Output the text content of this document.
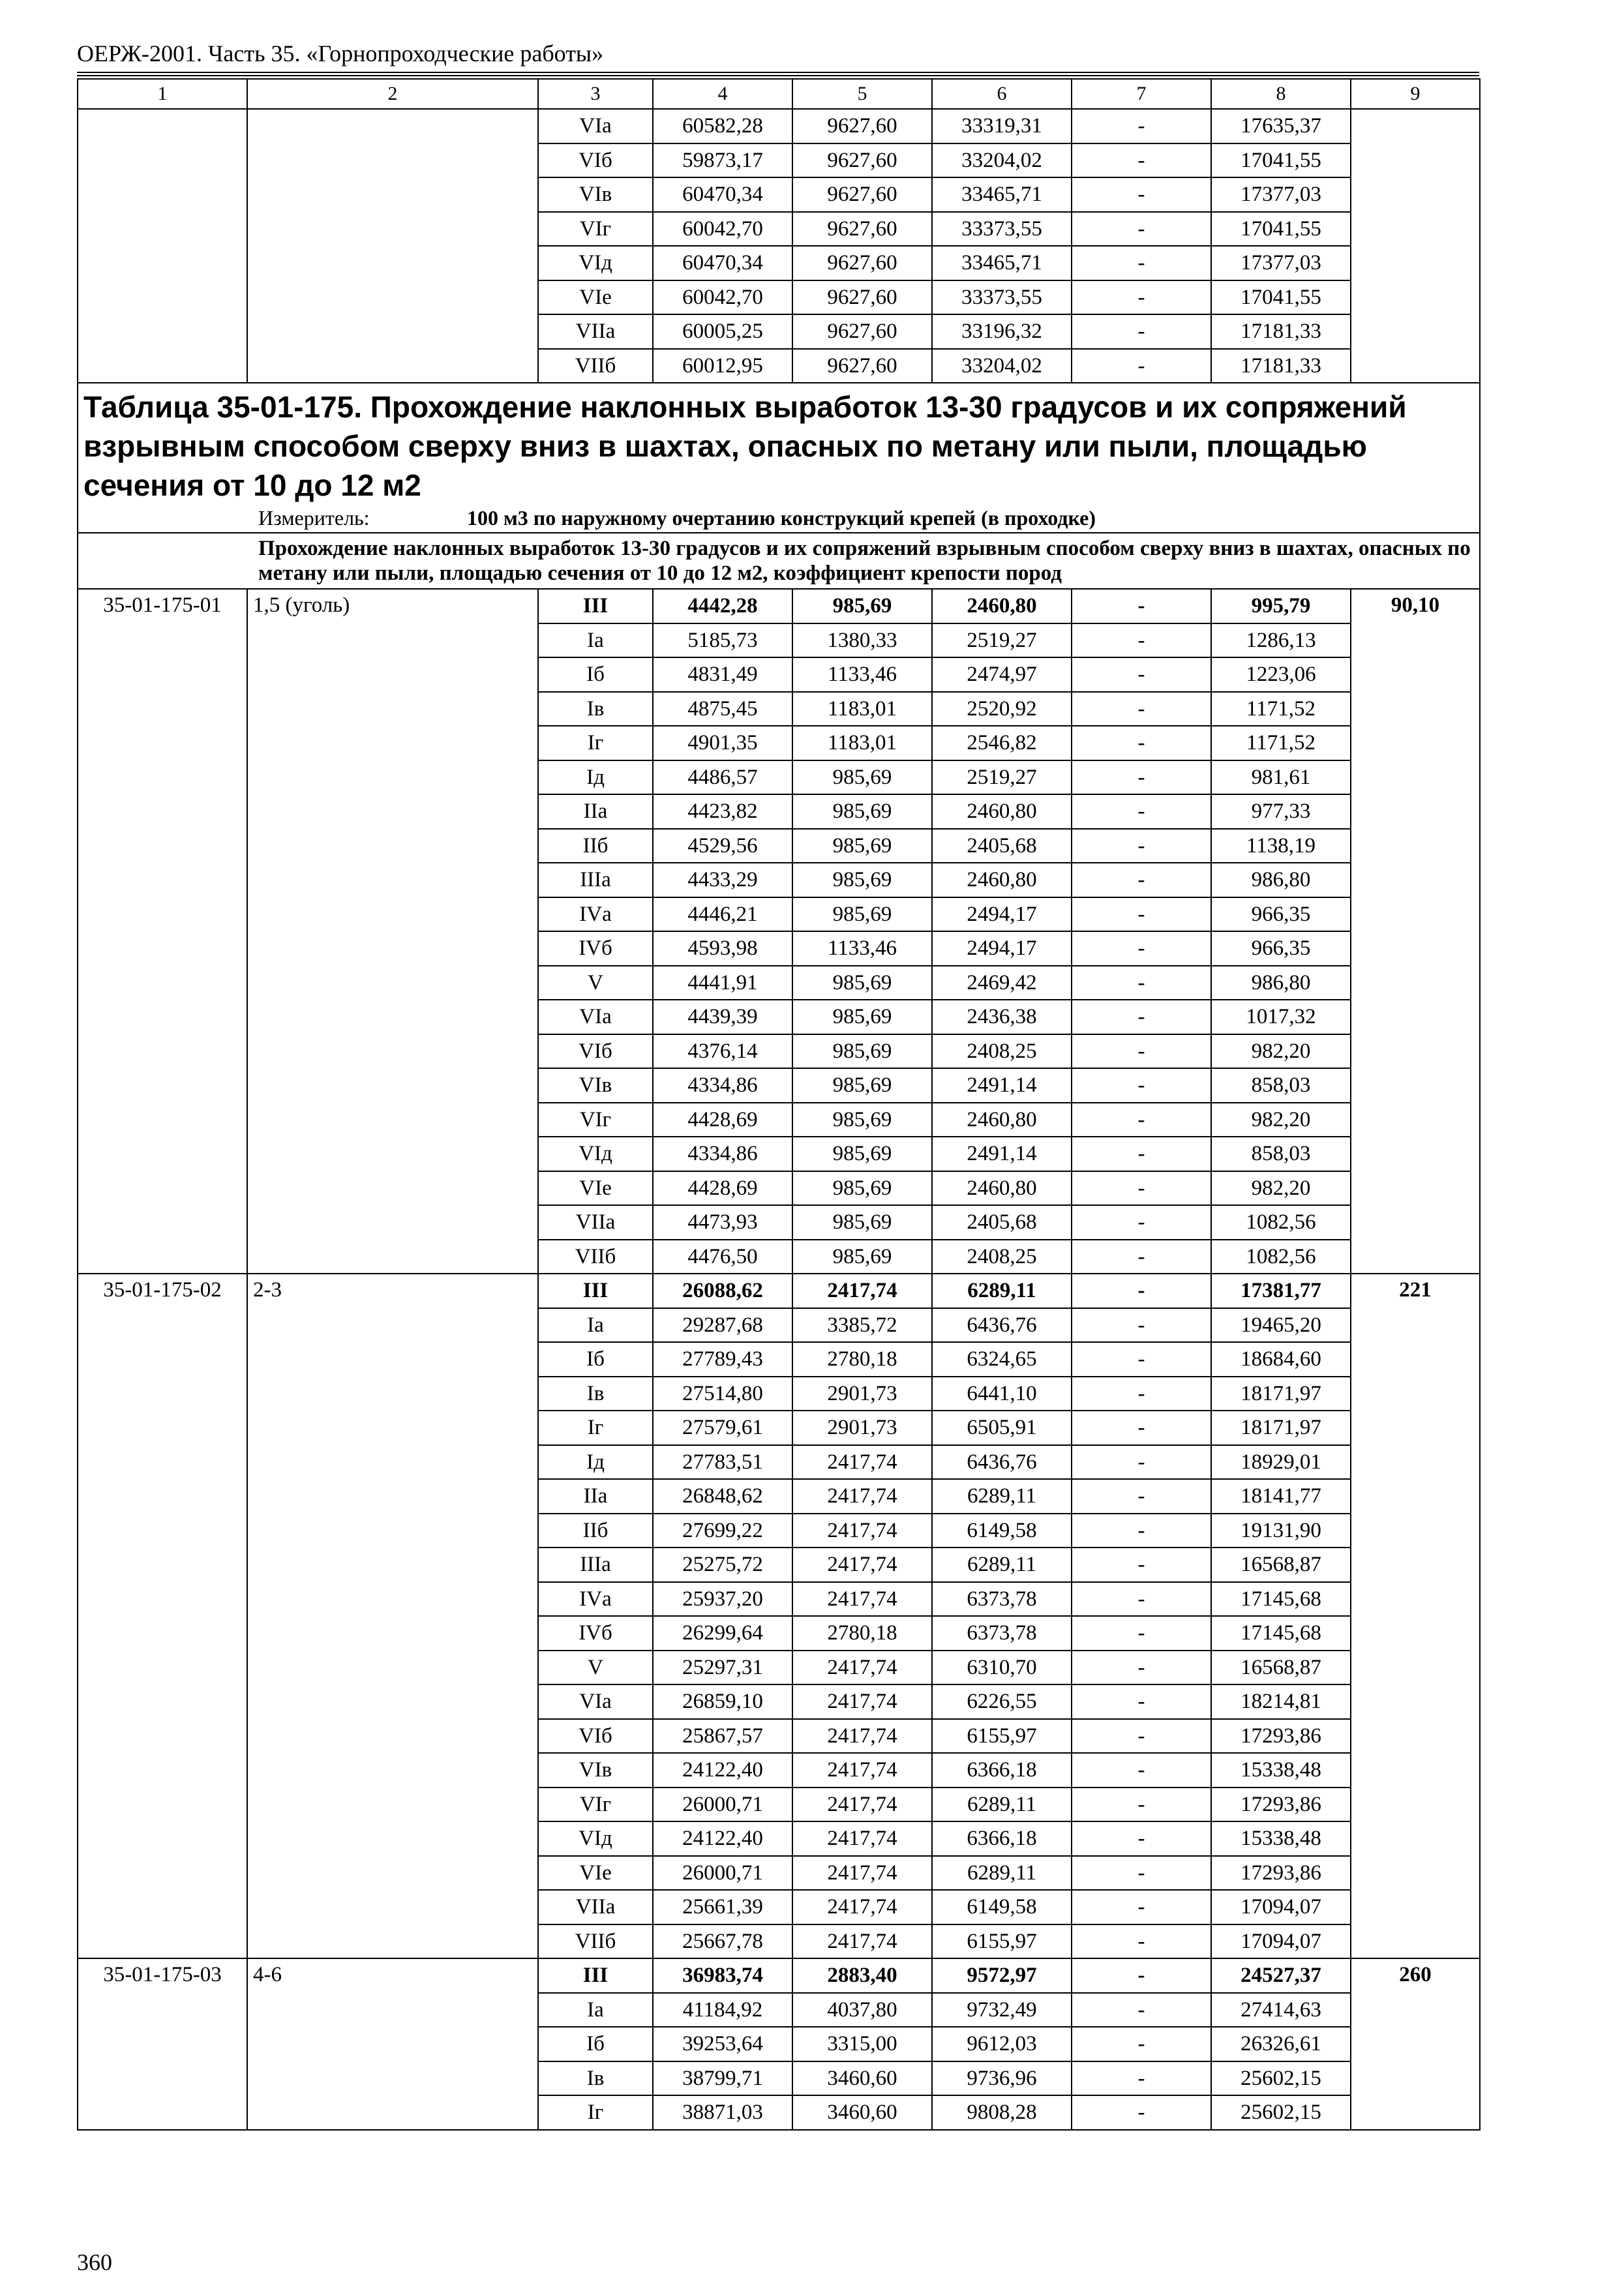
ОЕРЖ-2001. Часть 35. «Горнопроходческие работы»
1	2	3	4	5	6	7	8	9
		VIа	60582,28	9627,60	33319,31	-	17635,37	
		VIб	59873,17	9627,60	33204,02	-	17041,55	
		VIв	60470,34	9627,60	33465,71	-	17377,03	
		VIг	60042,70	9627,60	33373,55	-	17041,55	
		VIд	60470,34	9627,60	33465,71	-	17377,03	
		VIе	60042,70	9627,60	33373,55	-	17041,55	
		VIIа	60005,25	9627,60	33196,32	-	17181,33	
		VIIб	60012,95	9627,60	33204,02	-	17181,33	
Таблица 35-01-175. Прохождение наклонных выработок 13-30 градусов и их сопряжений взрывным способом сверху вниз в шахтах, опасных по метану или пыли, площадью сечения от 10 до 12 м2
Измеритель: 100 м3 по наружному очертанию конструкций крепей (в проходке)								

Прохождение наклонных выработок 13-30 градусов и их сопряжений взрывным способом сверху вниз в шахтах, опасных по метану или пыли, площадью сечения от 10 до 12 м2, коэффициент крепости пород								
35-01-175-01	1,5 (уголь)	III	4442,28	985,69	2460,80	-	995,79	90,10
		Iа	5185,73	1380,33	2519,27	-	1286,13	
		Iб	4831,49	1133,46	2474,97	-	1223,06	
		Iв	4875,45	1183,01	2520,92	-	1171,52	
		Iг	4901,35	1183,01	2546,82	-	1171,52	
		Iд	4486,57	985,69	2519,27	-	981,61	
		IIа	4423,82	985,69	2460,80	-	977,33	
		IIб	4529,56	985,69	2405,68	-	1138,19	
		IIIа	4433,29	985,69	2460,80	-	986,80	
		IVа	4446,21	985,69	2494,17	-	966,35	
		IVб	4593,98	1133,46	2494,17	-	966,35	
		V	4441,91	985,69	2469,42	-	986,80	
		VIа	4439,39	985,69	2436,38	-	1017,32	
		VIб	4376,14	985,69	2408,25	-	982,20	
		VIв	4334,86	985,69	2491,14	-	858,03	
		VIг	4428,69	985,69	2460,80	-	982,20	
		VIд	4334,86	985,69	2491,14	-	858,03	
		VIе	4428,69	985,69	2460,80	-	982,20	
		VIIа	4473,93	985,69	2405,68	-	1082,56	
		VIIб	4476,50	985,69	2408,25	-	1082,56	
35-01-175-02	2-3	III	26088,62	2417,74	6289,11	-	17381,77	221
		Iа	29287,68	3385,72	6436,76	-	19465,20	
		Iб	27789,43	2780,18	6324,65	-	18684,60	
		Iв	27514,80	2901,73	6441,10	-	18171,97	
		Iг	27579,61	2901,73	6505,91	-	18171,97	
		Iд	27783,51	2417,74	6436,76	-	18929,01	
		IIа	26848,62	2417,74	6289,11	-	18141,77	
		IIб	27699,22	2417,74	6149,58	-	19131,90	
		IIIа	25275,72	2417,74	6289,11	-	16568,87	
		IVа	25937,20	2417,74	6373,78	-	17145,68	
		IVб	26299,64	2780,18	6373,78	-	17145,68	
		V	25297,31	2417,74	6310,70	-	16568,87	
		VIа	26859,10	2417,74	6226,55	-	18214,81	
		VIб	25867,57	2417,74	6155,97	-	17293,86	
		VIв	24122,40	2417,74	6366,18	-	15338,48	
		VIг	26000,71	2417,74	6289,11	-	17293,86	
		VIд	24122,40	2417,74	6366,18	-	15338,48	
		VIе	26000,71	2417,74	6289,11	-	17293,86	
		VIIа	25661,39	2417,74	6149,58	-	17094,07	
		VIIб	25667,78	2417,74	6155,97	-	17094,07	
35-01-175-03	4-6	III	36983,74	2883,40	9572,97	-	24527,37	260
		Iа	41184,92	4037,80	9732,49	-	27414,63	
		Iб	39253,64	3315,00	9612,03	-	26326,61	
		Iв	38799,71	3460,60	9736,96	-	25602,15	
		Iг	38871,03	3460,60	9808,28	-	25602,15	
360
